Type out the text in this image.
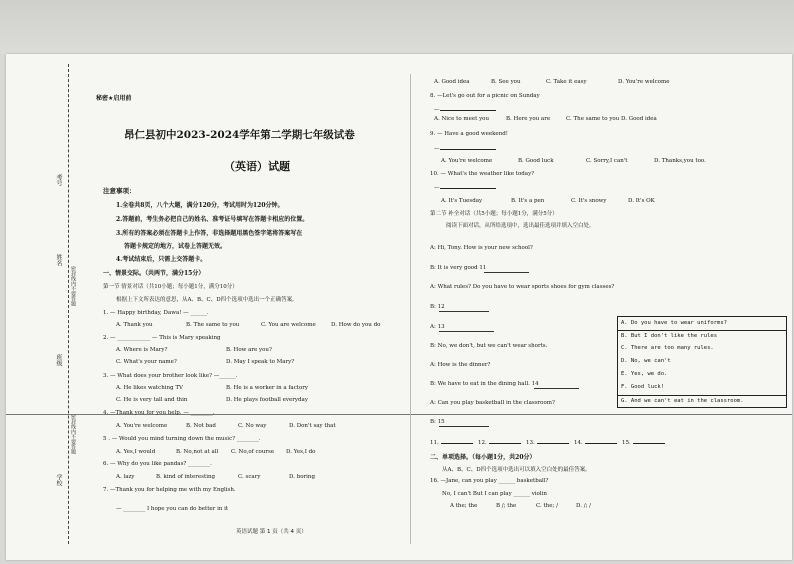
考号
姓名
密封线内不要答题
班级
密封线内不要答题
学校
秘密★启用前
昂仁县初中2023-2024学年第二学期七年级试卷
（英语）试题
注意事项：
1.全卷共8页，八个大题，满分120分，考试用时为120分钟。
2.答题前，考生务必把自己的姓名、准考证号填写在答题卡相应的位置。
3.所有的答案必须在答题卡上作答，非选择题用黑色签字笔将答案写在
答题卡规定的地方，试卷上答题无效。
4.考试结束后，只需上交答题卡。
一、情景交际。（共两节，满分15分）
第一节 情景对话（共10小题；每小题1分，满分10分）
根据上下文所表达的意思，从A、B、C、D四个选项中选出一个正确答案。
1. — Happy birthday, Dawa! — ______.
A. Thank you	B. The same to you	C. You are welcome	D. How do you do
2. — ____________ — This is Mary speaking
A. Where is Mary?	B. How are you?
C. What's your name?	D. May I speak to Mary?
3. — What does your brother look like? —______.
A. He likes watching TV	B. He is a worker in a factory
C. He is very tall and thin	D. He plays football everyday
4. —Thank you for you help. — ________.
A. You're welcome	B. Not bad	C. No way	D. Don't say that
5 . — Would you mind turning down the music? ________.
A. Yes,I would	B. No,not at all C. No,of course D. Yes,I do
6. — Why do you like pandas? ________.
A. lazy	B. kind of interesting	C. scary	D. boring
7. —Thank you for helping me with my English.
— ________ I hope you can do better in it
英语试题 第 1 页（共 4 页）
A. Good idea	B. See you	C. Take it easy	D. You're welcome
8. —Let's go out for a picnic on Sunday
—
A. Nice to meet you	B. Here you are	C. The same to you D. Good idea
9. — Have a good weekend!
—
A. You're welcome	B. Good luck	C. Sorry,I can't	D. Thanks,you too.
10. — What's the weather like today?
—
A. It's Tuesday	B. It's a pen	C. It's snowy	D. It's OK
第二节 补全对话（共5小题；每小题1分，满分5分）
阅读下面对话，从所给选项中，选出最佳选项并填入空白处。
A: Hi, Tony. How is your new school?
B: It is very good 11
A: What rules? Do you have to wear sports shoes for gym classes?
B: 12
A: 13
B: No, we don't, but we can't wear shorts.
A: How is the dinner?
B: We have to eat in the dining hall. 14
A: Can you play basketball in the classroom?
B: 15
A. Do you have to wear uniforms?
B. But I don't like the rules
C. There are too many rules.
D. No, we can't
E. Yes, we do.
F. Good luck!
G. And we can't eat in the classroom.
11.	12.	13.	14.	15.
二、单项选择。（每小题1分，共20分）
从A、B、C、D四个选项中选出可以填入空白处的最佳答案。
16. —Jane, can you play ______ basketball?
No, I can't But I can play ______ violin
A the; the	B /; the	C. the; /	D. /; /
